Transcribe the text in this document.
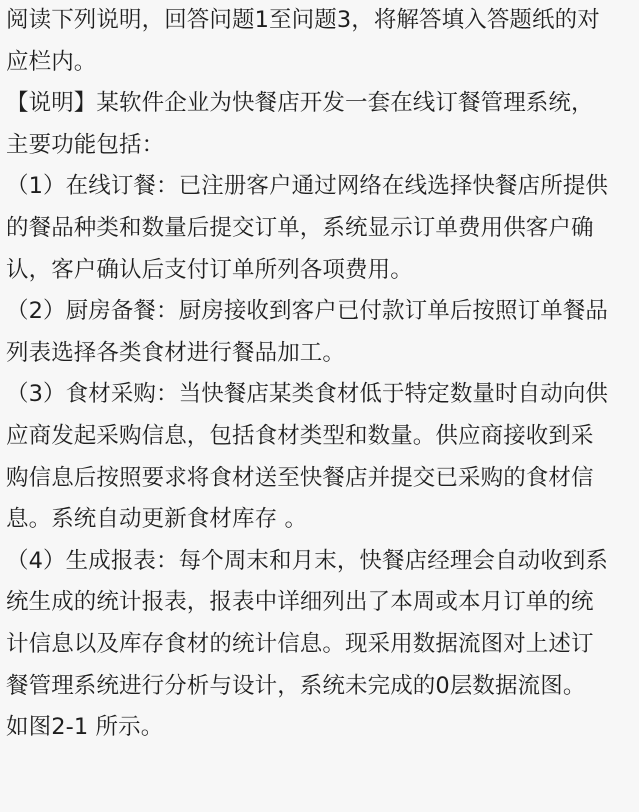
阅读下列说明，回答问题1至问题3，将解答填入答题纸的对
应栏内。
【说明】某软件企业为快餐店开发一套在线订餐管理系统，
主要功能包括：
（1）在线订餐：已注册客户通过网络在线选择快餐店所提供
的餐品种类和数量后提交订单，系统显示订单费用供客户确
认，客户确认后支付订单所列各项费用。
（2）厨房备餐：厨房接收到客户已付款订单后按照订单餐品
列表选择各类食材进行餐品加工。
（3）食材采购：当快餐店某类食材低于特定数量时自动向供
应商发起采购信息，包括食材类型和数量。供应商接收到采
购信息后按照要求将食材送至快餐店并提交已采购的食材信
息。系统自动更新食材库存 。
（4）生成报表：每个周末和月末，快餐店经理会自动收到系
统生成的统计报表，报表中详细列出了本周或本月订单的统
计信息以及库存食材的统计信息。现采用数据流图对上述订
餐管理系统进行分析与设计，系统未完成的0层数据流图。
如图2-1 所示。
